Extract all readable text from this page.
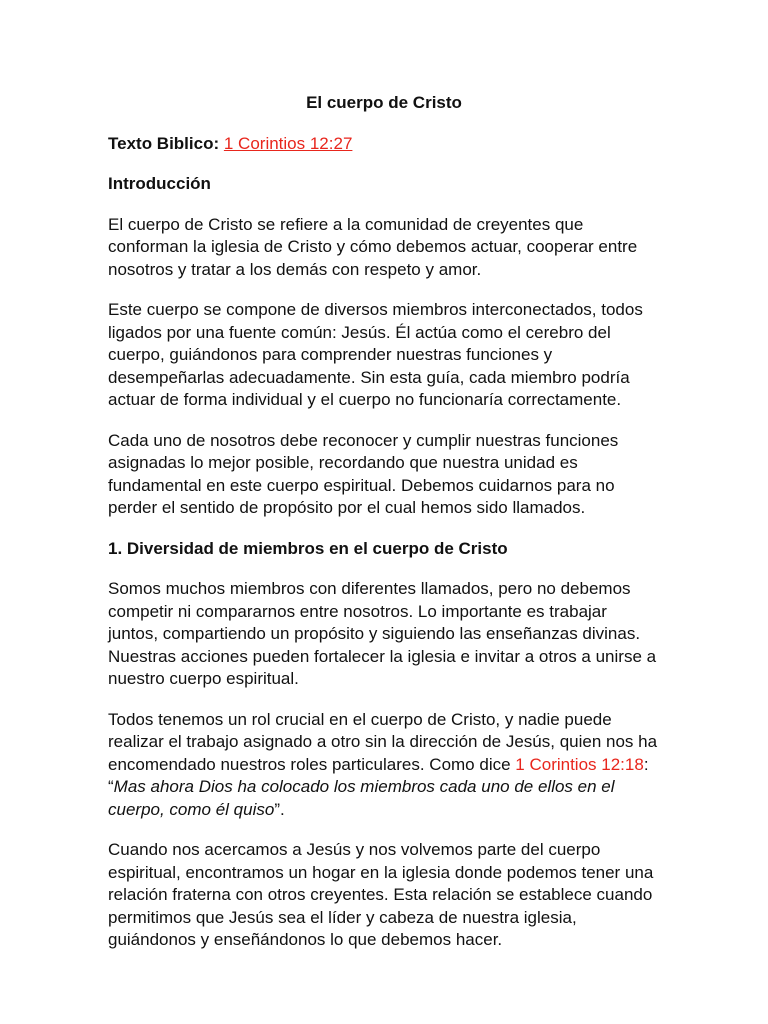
El cuerpo de Cristo
Texto Biblico: 1 Corintios 12:27
Introducción
El cuerpo de Cristo se refiere a la comunidad de creyentes que conforman la iglesia de Cristo y cómo debemos actuar, cooperar entre nosotros y tratar a los demás con respeto y amor.
Este cuerpo se compone de diversos miembros interconectados, todos ligados por una fuente común: Jesús. Él actúa como el cerebro del cuerpo, guiándonos para comprender nuestras funciones y desempeñarlas adecuadamente. Sin esta guía, cada miembro podría actuar de forma individual y el cuerpo no funcionaría correctamente.
Cada uno de nosotros debe reconocer y cumplir nuestras funciones asignadas lo mejor posible, recordando que nuestra unidad es fundamental en este cuerpo espiritual. Debemos cuidarnos para no perder el sentido de propósito por el cual hemos sido llamados.
1. Diversidad de miembros en el cuerpo de Cristo
Somos muchos miembros con diferentes llamados, pero no debemos competir ni compararnos entre nosotros. Lo importante es trabajar juntos, compartiendo un propósito y siguiendo las enseñanzas divinas. Nuestras acciones pueden fortalecer la iglesia e invitar a otros a unirse a nuestro cuerpo espiritual.
Todos tenemos un rol crucial en el cuerpo de Cristo, y nadie puede realizar el trabajo asignado a otro sin la dirección de Jesús, quien nos ha encomendado nuestros roles particulares. Como dice 1 Corintios 12:18: “Mas ahora Dios ha colocado los miembros cada uno de ellos en el cuerpo, como él quiso”.
Cuando nos acercamos a Jesús y nos volvemos parte del cuerpo espiritual, encontramos un hogar en la iglesia donde podemos tener una relación fraterna con otros creyentes. Esta relación se establece cuando permitimos que Jesús sea el líder y cabeza de nuestra iglesia, guiándonos y enseñándonos lo que debemos hacer.
